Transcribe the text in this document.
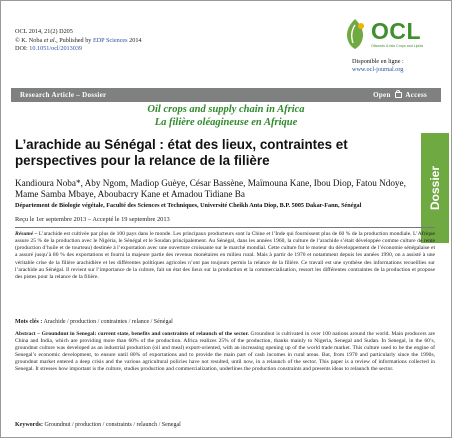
OCL 2014, 21(2) D205
© K. Noba et al., Published by EDP Sciences 2014
DOI: 10.1051/ocl/2013039
OCL
Oilseeds & fats Crops and Lipids
Disponible en ligne :
www.ocl-journal.org
Research Article – Dossier	Open Access
Oil crops and supply chain in Africa
La filière oléagineuse en Afrique
Dossier
L’arachide au Sénégal : état des lieux, contraintes et perspectives pour la relance de la filière
Kandioura Noba*, Aby Ngom, Madiop Guèye, César Bassène, Maïmouna Kane, Ibou Diop, Fatou Ndoye, Mame Samba Mbaye, Aboubacry Kane et Amadou Tidiane Ba
Département de Biologie végétale, Faculté des Sciences et Techniques, Université Cheikh Anta Diop, B.P. 5005 Dakar-Fann, Sénégal
Reçu le 1er septembre 2013 – Accepté le 19 septembre 2013
Résumé – L’arachide est cultivée par plus de 100 pays dans le monde. Les principaux producteurs sont la Chine et l’Inde qui fournissent plus de 60 % de la production mondiale. L’Afrique assure 25 % de la production avec le Nigéria, le Sénégal et le Soudan principalement. Au Sénégal, dans les années 1960, la culture de l’arachide s’était développée comme culture de rente (production d’huile et de tourteau) destinée à l’exportation avec une ouverture croissante sur le marché mondial. Cette culture fut le moteur du développement de l’économie sénégalaise et a assuré jusqu’à 80 % des exportations et fourni la majeure partie des revenus monétaires en milieu rural. Mais à partir de 1970 et notamment depuis les années 1990, on a assisté à une véritable crise de la filière arachidière et les différentes politiques agricoles n’ont pas toujours permis la relance de la filière. Ce travail est une synthèse des informations recueillies sur l’arachide au Sénégal. Il revient sur l’importance de la culture, fait un état des lieux sur la production et la commercialisation, ressort les différentes contraintes de la production et propose des pistes pour la relance de la filière.
Mots clés : Arachide / production / contraintes / relance / Sénégal
Abstract – Groundnut in Senegal: current state, benefits and constraints of relaunch of the sector. Groundnut is cultivated in over 100 nations around the world. Main producers are China and India, which are providing more than 60% of the production. Africa realizes 25% of the production, thanks mainly to Nigeria, Senegal and Sudan. In Senegal, in the 60’s, groundnut culture was developed as an industrial production (oil and meal) export-oriented, with an increasing opening up of the world trade market. This culture used to be the engine of Senegal’s economic development, to ensure until 80% of exportations and to provide the main part of cash incomes in rural areas. But, from 1970 and particularly since the 1990s, groundnut market entered a deep crisis and the various agricultural policies have not resulted, until now, in a relaunch of the sector. This paper is a review of informations collected in Senegal. It stresses how important is the culture, studies production and commercialization, underlines the production constraints and presents ideas to relaunch the sector.
Keywords: Groundnut / production / constraints / relaunch / Senegal
